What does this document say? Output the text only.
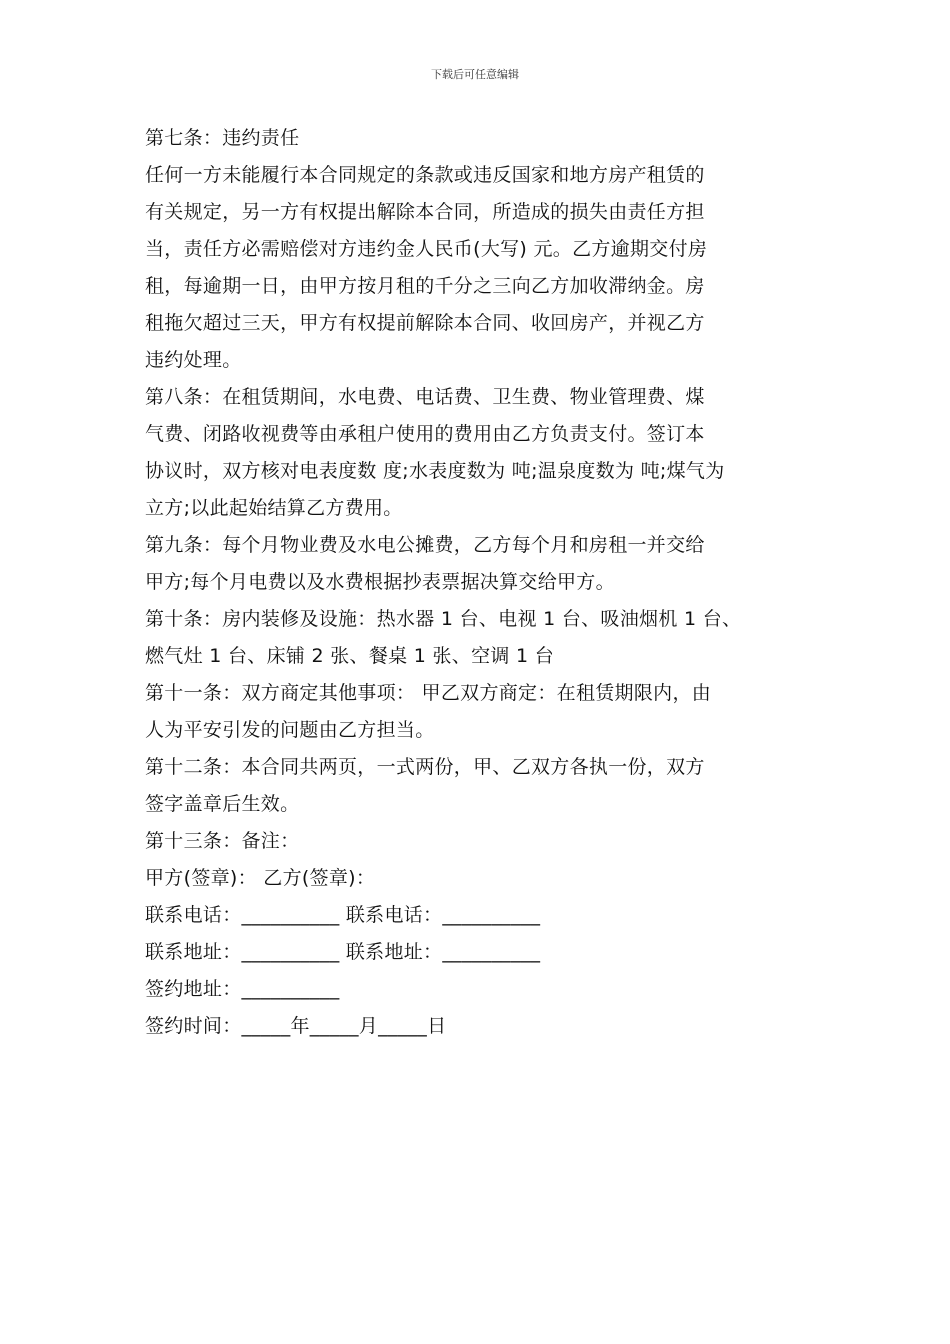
下载后可任意编辑

第七条：违约责任

任何一方未能履行本合同规定的条款或违反国家和地方房产租赁的

有关规定，另一方有权提出解除本合同，所造成的损失由责任方担

当，责任方必需赔偿对方违约金人民币(大写) 元。乙方逾期交付房

租，每逾期一日，由甲方按月租的千分之三向乙方加收滞纳金。房

租拖欠超过三天，甲方有权提前解除本合同、收回房产，并视乙方

违约处理。

第八条：在租赁期间，水电费、电话费、卫生费、物业管理费、煤

气费、闭路收视费等由承租户使用的费用由乙方负责支付。签订本

协议时，双方核对电表度数 度;水表度数为 吨;温泉度数为 吨;煤气为

立方;以此起始结算乙方费用。

第九条：每个月物业费及水电公摊费，乙方每个月和房租一并交给

甲方;每个月电费以及水费根据抄表票据决算交给甲方。

第十条：房内装修及设施：热水器 1 台、电视 1 台、吸油烟机 1 台、

燃气灶 1 台、床铺 2 张、餐桌 1 张、空调 1 台

第十一条：双方商定其他事项： 甲乙双方商定：在租赁期限内，由

人为平安引发的问题由乙方担当。

第十二条：本合同共两页，一式两份，甲、乙双方各执一份，双方

签字盖章后生效。

第十三条：备注：

甲方(签章)： 乙方(签章)：

联系电话：__________ 联系电话：__________

联系地址：__________ 联系地址：__________

签约地址：__________

签约时间：_____年_____月_____日
